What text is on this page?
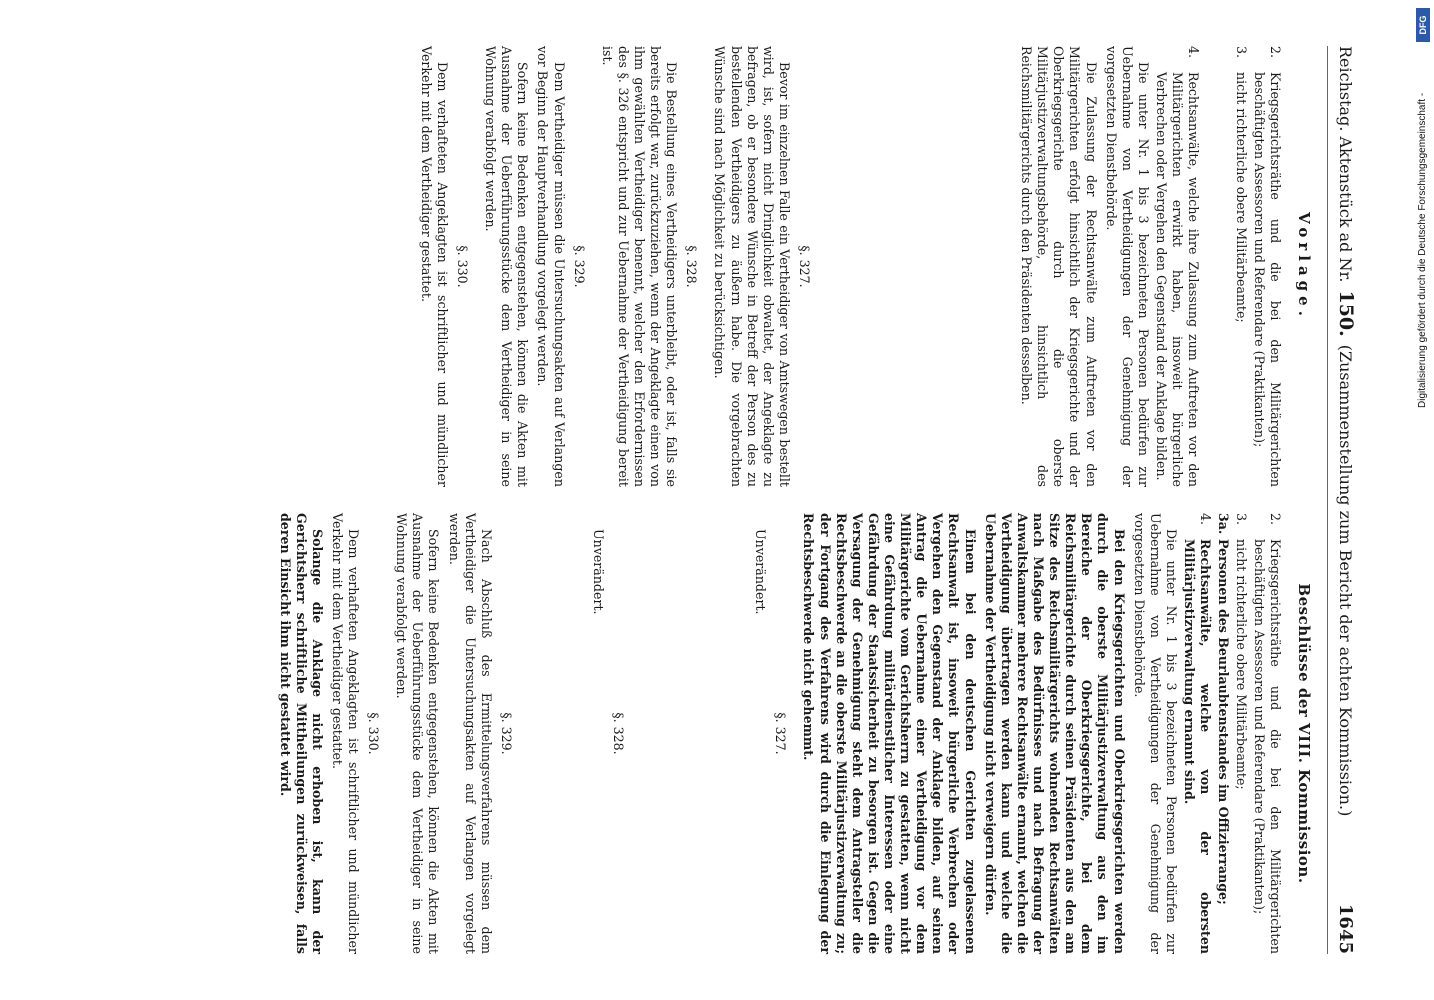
Reichstag. Aktenstück ad Nr.150.(Zusammenstellung zum Bericht der achten Kommission.)
1645
Vorlage.
2.
Kriegsgerichtsräthe und die bei den Militärgerichten beschäftigten Assessoren und Referendare (Praktikanten);
3.
nicht richterliche obere Militärbeamte;
4.
Rechtsanwälte, welche ihre Zulassung zum Auftreten vor den Militärgerichten erwirkt haben, insoweit bürgerliche Verbrechen oder Vergehen den Gegenstand der Anklage bilden.

Die unter Nr. 1 bis 3 bezeichneten Personen bedürfen zur Uebernahme von Vertheidigungen der Genehmigung der vorgesetzten Dienstbehörde.

Die Zulassung der Rechtsanwälte zum Auftreten vor den Militärgerichten erfolgt hinsichtlich der Kriegsgerichte und der Oberkriegsgerichte durch die oberste Militärjustizverwaltungsbehörde, hinsichtlich des Reichsmilitärgerichts durch den Präsidenten desselben.

§. 327.

Bevor im einzelnen Falle ein Vertheidiger von Amtswegen bestellt wird, ist, sofern nicht Dringlichkeit obwaltet, der Angeklagte zu befragen, ob er besondere Wünsche in Betreff der Person des zu bestellenden Vertheidigers zu äußern habe. Die vorgebrachten Wünsche sind nach Möglichkeit zu berücksichtigen.

§. 328.

Die Bestellung eines Vertheidigers unterbleibt, oder ist, falls sie bereits erfolgt war, zurückzuziehen, wenn der Angeklagte einen von ihm gewählten Vertheidiger benennt, welcher den Erfordernissen des §. 326 entspricht und zur Uebernahme der Vertheidigung bereit ist.

§. 329.

Dem Vertheidiger müssen die Untersuchungsakten auf Verlangen vor Beginn der Hauptverhandlung vorgelegt werden.

Sofern keine Bedenken entgegenstehen, können die Akten mit Ausnahme der Ueberführungsstücke dem Vertheidiger in seine Wohnung verabfolgt werden.

§. 330.

Dem verhafteten Angeklagten ist schriftlicher und mündlicher Verkehr mit dem Vertheidiger gestattet.

Beschlüsse der VIII. Kommission.
2.
Kriegsgerichtsräthe und die bei den Militärgerichten beschäftigten Assessoren und Referendare (Praktikanten);
3.
nicht richterliche obere Militärbeamte;
3a.
Personen des Beurlaubtenstandes im Offizierrange;
4.
Rechtsanwälte, welche von der obersten Militärjustizverwaltung ernannt sind.

Die unter Nr. 1 bis 3 bezeichneten Personen bedürfen zur Uebernahme von Vertheidigungen der Genehmigung der vorgesetzten Dienstbehörde.

Bei den Kriegsgerichten und Oberkriegsgerichten werden durch die oberste Militärjustizverwaltung aus den im Bereiche der Oberkriegsgerichte, bei dem Reichsmilitärgerichte durch seinen Präsidenten aus den am Sitze des Reichsmilitärgerichts wohnenden Rechtsanwälten nach Maßgabe des Bedürfnisses und nach Befragung der Anwaltskammer mehrere Rechtsanwälte ernannt, welchen die Vertheidigung übertragen werden kann und welche die Uebernahme der Vertheidigung nicht verweigern dürfen.

Einem bei den deutschen Gerichten zugelassenen Rechtsanwalt ist, insoweit bürgerliche Verbrechen oder Vergehen den Gegenstand der Anklage bilden, auf seinen Antrag die Uebernahme einer Vertheidigung vor dem Militärgerichte vom Gerichtsherrn zu gestatten, wenn nicht eine Gefährdung militärdienstlicher Interessen oder eine Gefährdung der Staatssicherheit zu besorgen ist. Gegen die Versagung der Genehmigung steht dem Antragsteller die Rechtsbeschwerde an die oberste Militärjustizverwaltung zu; der Fortgang des Verfahrens wird durch die Einlegung der Rechtsbeschwerde nicht gehemmt.

§. 327.
Unverändert.
§. 328.
Unverändert.
§. 329.

Nach Abschluß des Ermittelungsverfahrens müssen dem Vertheidiger die Untersuchungsakten auf Verlangen vorgelegt werden.

Sofern keine Bedenken entgegenstehen, können die Akten mit Ausnahme der Ueberführungsstücke dem Vertheidiger in seine Wohnung verabfolgt werden.

§. 330.

Dem verhafteten Angeklagten ist schriftlicher und mündlicher Verkehr mit dem Vertheidiger gestattet.

Solange die Anklage nicht erhoben ist, kann der Gerichtsherr schriftliche Mittheilungen zurückweisen, falls deren Einsicht ihm nicht gestattet wird.

DFG
Digitalisierung gefördert durch die Deutsche Forschungsgemeinschaft -
